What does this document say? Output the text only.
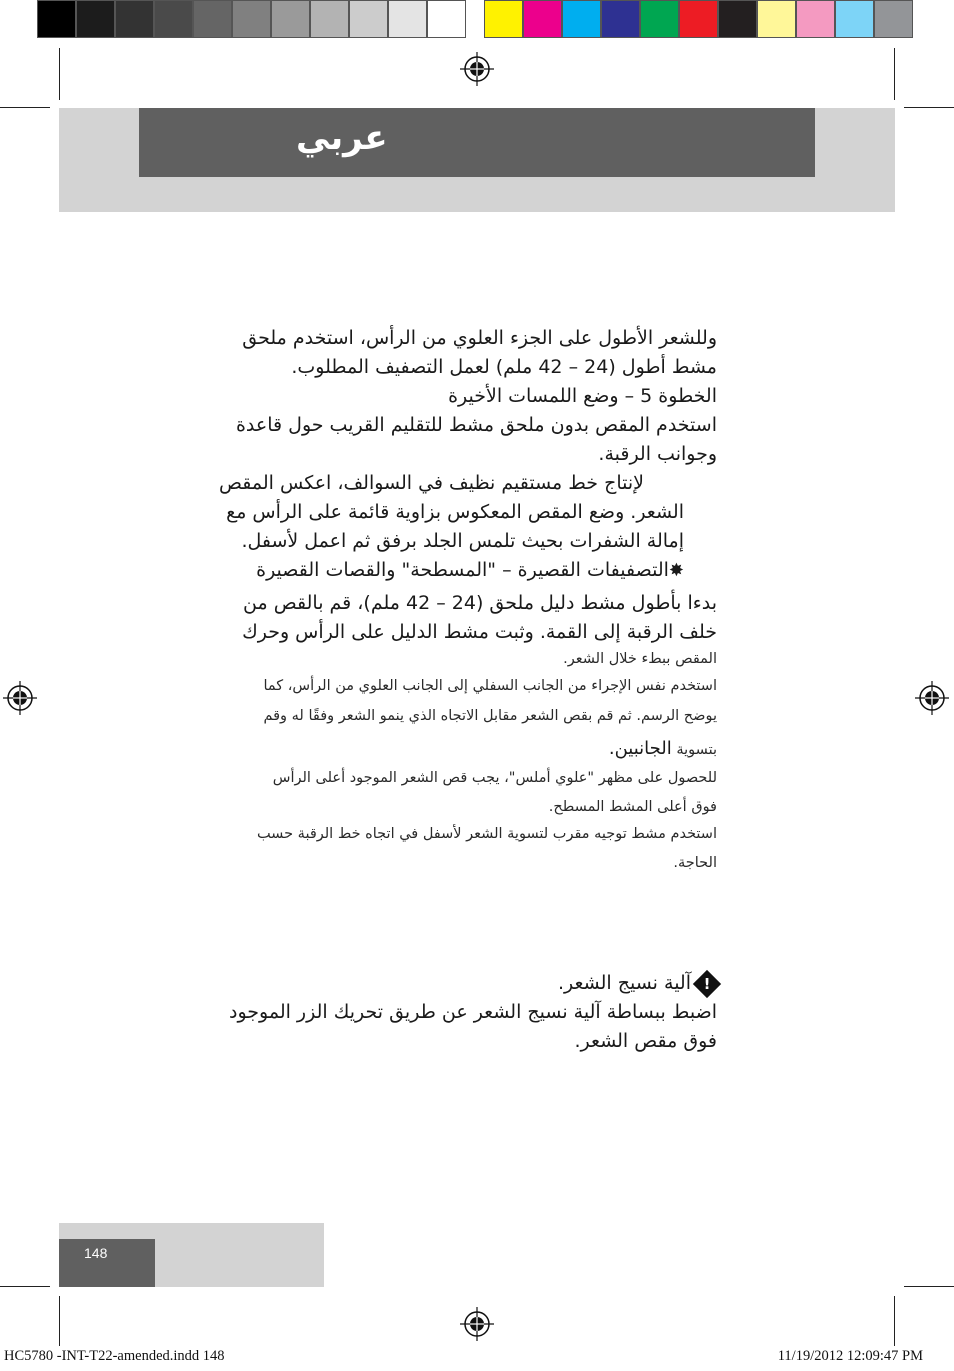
عربي
وللشعر الأطول على الجزء العلوي من الرأس، استخدم ملحق
مشط أطول (24 – 42 ملم) لعمل التصفيف المطلوب.
الخطوة 5 – وضع اللمسات الأخيرة
استخدم المقص بدون ملحق مشط للتقليم القريب حول قاعدة
وجوانب الرقبة.
لإنتاج خط مستقيم نظيف في السوالف، اعكس المقص
الشعر. وضع المقص المعكوس بزاوية قائمة على الرأس مع
إمالة الشفرات بحيث تلمس الجلد برفق ثم اعمل لأسفل.
✸التصفيفات القصيرة – "المسطحة" والقصات القصيرة
بدءا بأطول مشط دليل ملحق (24 – 42 ملم)، قم بالقص من
خلف الرقبة إلى القمة. وثبت مشط الدليل على الرأس وحرك
المقص ببطء خلال الشعر.
استخدم نفس الإجراء من الجانب السفلي إلى الجانب العلوي من الرأس، كما
يوضح الرسم. ثم قم بقص الشعر مقابل الاتجاه الذي ينمو الشعر وفقًا له وقم
بتسوية الجانبين.
للحصول على مظهر "علوي أملس"، يجب قص الشعر الموجود أعلى الرأس
فوق أعلى المشط المسطح.
استخدم مشط توجيه مقرب لتسوية الشعر لأسفل في اتجاه خط الرقبة حسب
الحاجة.
!
آلية نسيج الشعر.
اضبط ببساطة آلية نسيج الشعر عن طريق تحريك الزر الموجود
فوق مقص الشعر.
148
HC5780 -INT-T22-amended.indd 148	11/19/2012 12:09:47 PM
